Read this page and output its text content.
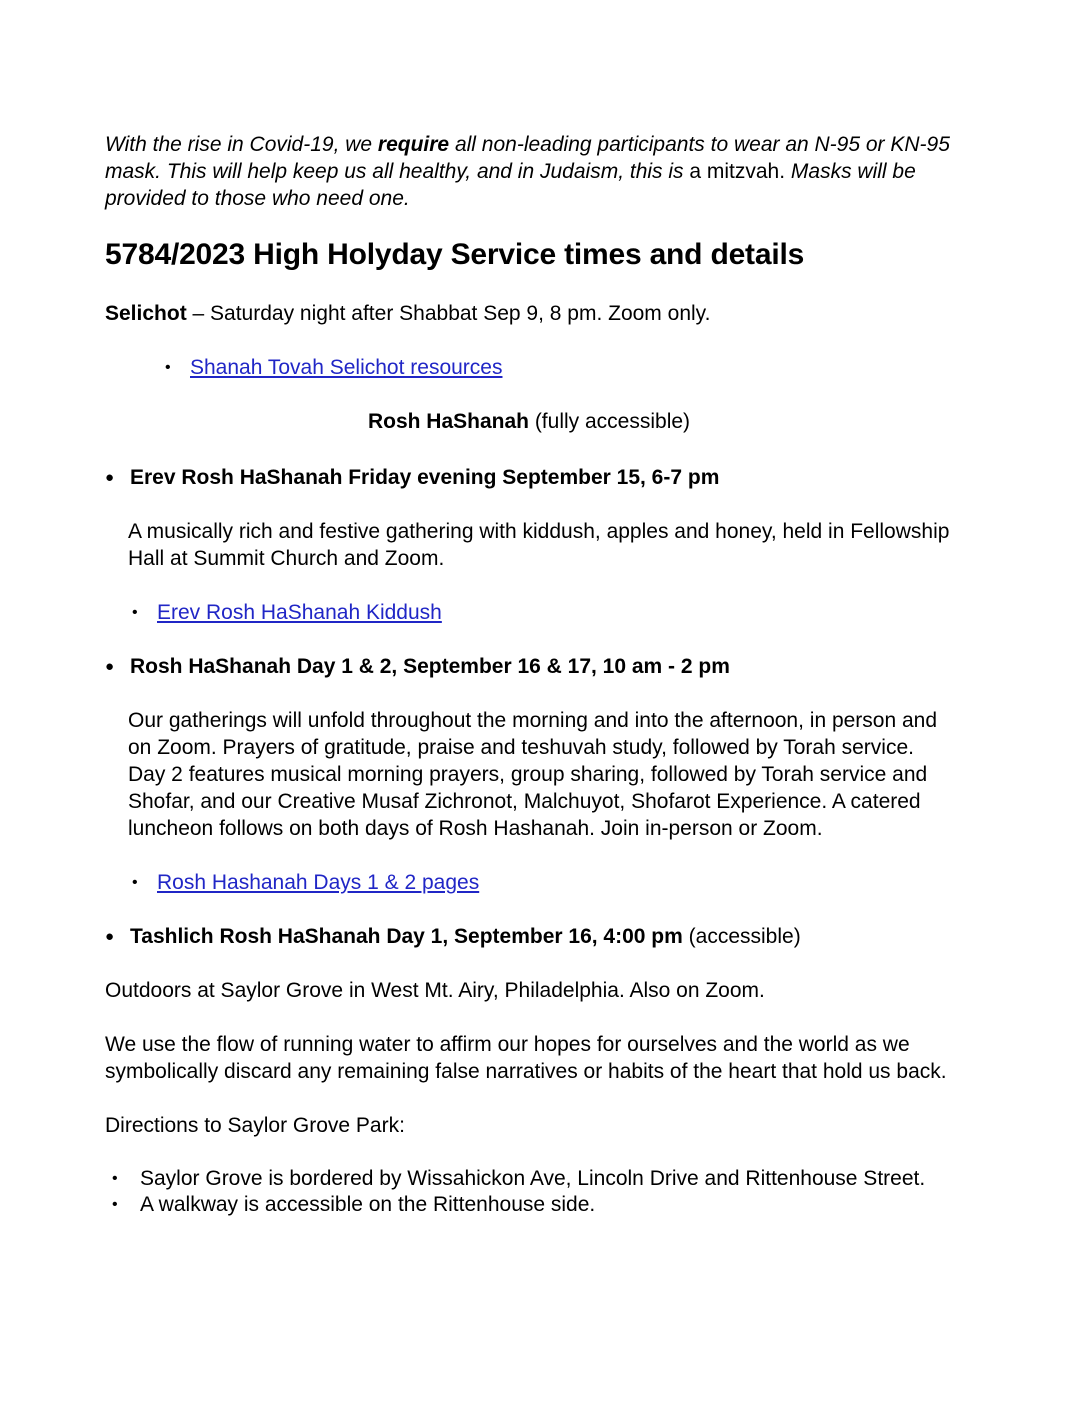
With the rise in Covid-19, we require all non-leading participants to wear an N-95 or KN-95 mask. This will help keep us all healthy, and in Judaism, this is a mitzvah. Masks will be provided to those who need one.

5784/2023 High Holyday Service times and details

Selichot – Saturday night after Shabbat Sep 9, 8 pm. Zoom only.

• Shanah Tovah Selichot resources

Rosh HaShanah (fully accessible)

● Erev Rosh HaShanah Friday evening September 15, 6-7 pm

A musically rich and festive gathering with kiddush, apples and honey, held in Fellowship Hall at Summit Church and Zoom.

• Erev Rosh HaShanah Kiddush
● Rosh HaShanah Day 1 & 2, September 16 & 17, 10 am - 2 pm

Our gatherings will unfold throughout the morning and into the afternoon, in person and on Zoom. Prayers of gratitude, praise and teshuvah study, followed by Torah service. Day 2 features musical morning prayers, group sharing, followed by Torah service and Shofar, and our Creative Musaf Zichronot, Malchuyot, Shofarot Experience. A catered luncheon follows on both days of Rosh Hashanah. Join in-person or Zoom.

• Rosh Hashanah Days 1 & 2 pages
● Tashlich Rosh HaShanah Day 1, September 16, 4:00 pm (accessible)

Outdoors at Saylor Grove in West Mt. Airy, Philadelphia. Also on Zoom.

We use the flow of running water to affirm our hopes for ourselves and the world as we symbolically discard any remaining false narratives or habits of the heart that hold us back.

Directions to Saylor Grove Park:

•	Saylor Grove is bordered by Wissahickon Ave, Lincoln Drive and Rittenhouse Street.
•	A walkway is accessible on the Rittenhouse side.
